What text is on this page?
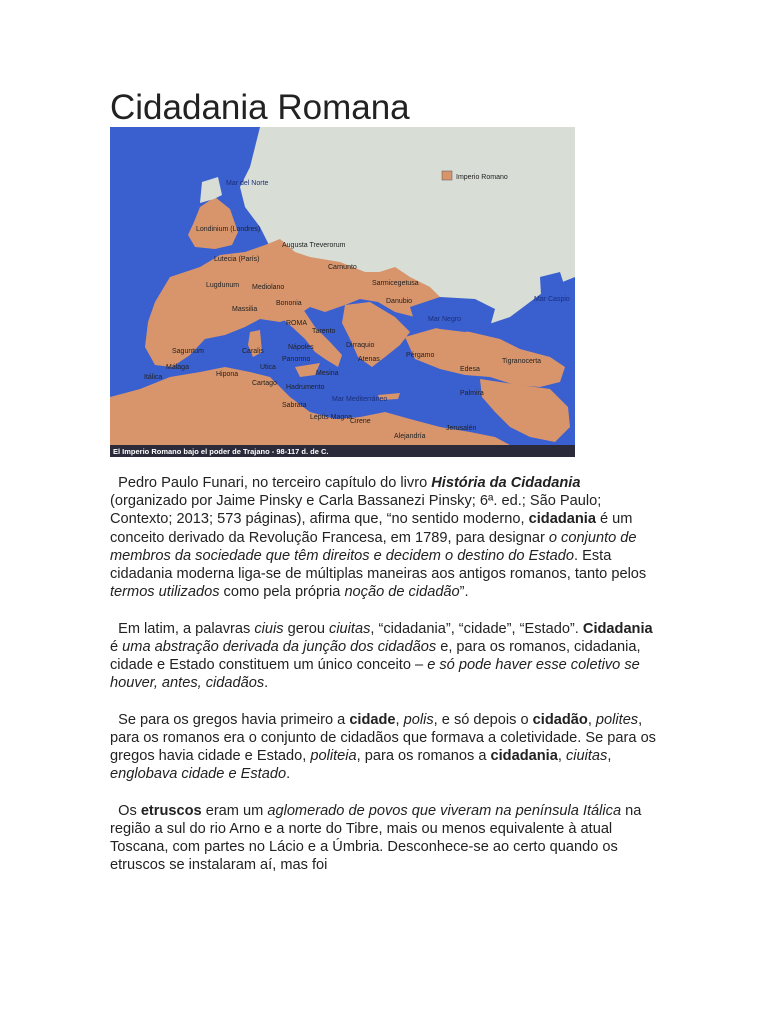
Cidadania Romana
Imperio Romano
Mar del Norte
Londinium (Londres)
Lutecia (París)
Augusta Treverorum
Carnunto
Sarmicegetusa
Danubio
Mar Negro
Mar Caspio
Lugdunum Mediolano
Massilia
Bononia
ROMA
Tarento
Dirraquio
Nápoles
Saguntum	Caralis
Panormo	Atenas
Pérgamo
Tigranocerta
Málaga
Hipona
Utica
Cartago
Mesina
Edesa
Itálica
Hadrumento
Mar Mediterráneo
Palmira
Sabrata
Leptis Magna
Cirene
Jerusalén
Alejandría
El Imperio Romano bajo el poder de Trajano - 98-117 d. de C.

Pedro Paulo Funari, no terceiro capítulo do livro História da Cidadania (organizado por Jaime Pinsky e Carla Bassanezi Pinsky; 6ª. ed.; São Paulo; Contexto; 2013; 573 páginas), afirma que, “no sentido moderno, cidadania é um conceito derivado da Revolução Francesa, em 1789, para designar o conjunto de membros da sociedade que têm direitos e decidem o destino do Estado. Esta cidadania moderna liga-se de múltiplas maneiras aos antigos romanos, tanto pelos termos utilizados como pela própria noção de cidadão”.

Em latim, a palavras ciuis gerou ciuitas, “cidadania”, “cidade”, “Estado”. Cidadania é uma abstração derivada da junção dos cidadãos e, para os romanos, cidadania, cidade e Estado constituem um único conceito – e só pode haver esse coletivo se houver, antes, cidadãos.

Se para os gregos havia primeiro a cidade, polis, e só depois o cidadão, polites, para os romanos era o conjunto de cidadãos que formava a coletividade. Se para os gregos havia cidade e Estado, politeia, para os romanos a cidadania, ciuitas, englobava cidade e Estado.

Os etruscos eram um aglomerado de povos que viveram na península Itálica na região a sul do rio Arno e a norte do Tibre, mais ou menos equivalente à atual Toscana, com partes no Lácio e a Úmbria. Desconhece-se ao certo quando os etruscos se instalaram aí, mas foi
